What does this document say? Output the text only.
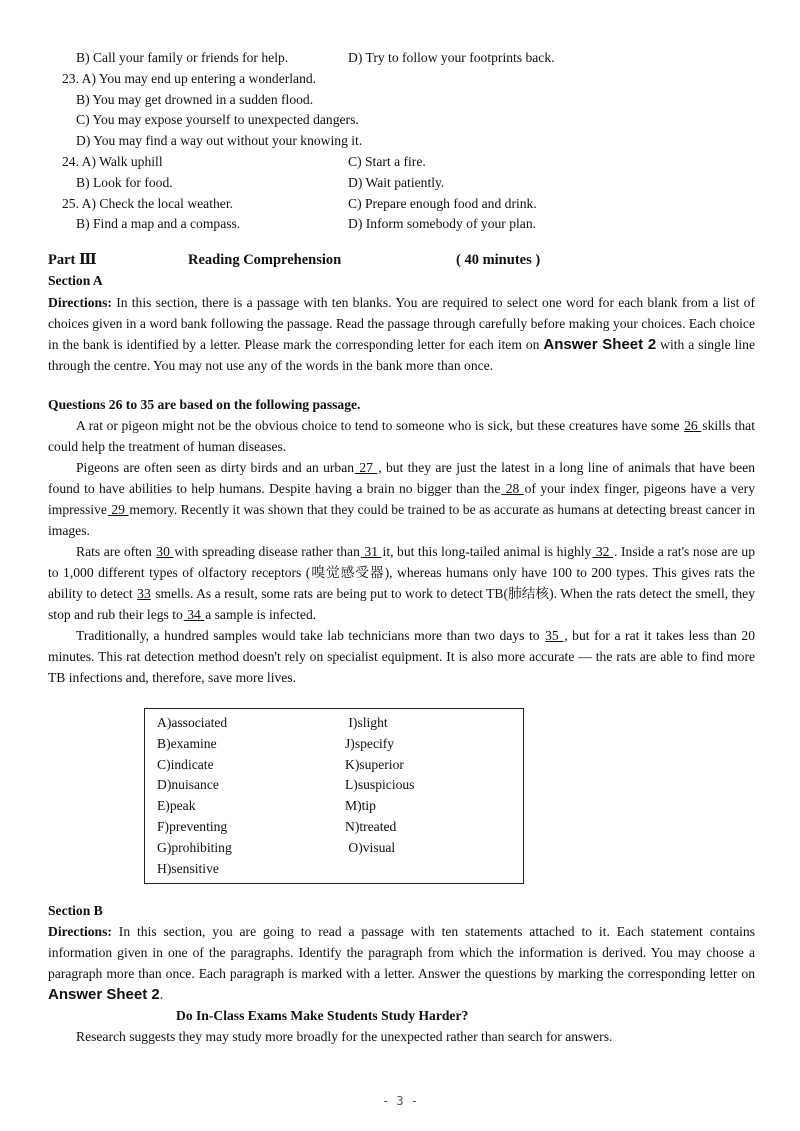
B) Call your family or friends for help.	D) Try to follow your footprints back.
23. A) You may end up entering a wonderland.
B) You may get drowned in a sudden flood.
C) You may expose yourself to unexpected dangers.
D) You may find a way out without your knowing it.
24. A) Walk uphill	C) Start a fire.
B) Look for food.	D) Wait patiently.
25. A) Check the local weather.	C) Prepare enough food and drink.
B) Find a map and a compass.	D) Inform somebody of your plan.
Part Ⅲ	Reading Comprehension	( 40 minutes )
Section A

Directions: In this section, there is a passage with ten blanks. You are required to select one word for each blank from a list of choices given in a word bank following the passage. Read the passage through carefully before making your choices. Each choice in the bank is identified by a letter. Please mark the corresponding letter for each item on Answer Sheet 2 with a single line through the centre. You may not use any of the words in the bank more than once.

Questions 26 to 35 are based on the following passage.

A rat or pigeon might not be the obvious choice to tend to someone who is sick, but these creatures have some 26 skills that could help the treatment of human diseases.

Pigeons are often seen as dirty birds and an urban 27 , but they are just the latest in a long line of animals that have been found to have abilities to help humans. Despite having a brain no bigger than the 28 of your index finger, pigeons have a very impressive 29 memory. Recently it was shown that they could be trained to be as accurate as humans at detecting breast cancer in images.

Rats are often 30 with spreading disease rather than 31 it, but this long-tailed animal is highly 32 . Inside a rat's nose are up to 1,000 different types of olfactory receptors (嗅觉感受器), whereas humans only have 100 to 200 types. This gives rats the ability to detect 33 smells. As a result, some rats are being put to work to detect TB(肺结核). When the rats detect the smell, they stop and rub their legs to 34 a sample is infected.

Traditionally, a hundred samples would take lab technicians more than two days to 35 , but for a rat it takes less than 20 minutes. This rat detection method doesn't rely on specialist equipment. It is also more accurate — the rats are able to find more TB infections and, therefore, save more lives.

A)associated	I)slight
B)examine	J)specify
C)indicate	K)superior
D)nuisance	L)suspicious
E)peak	M)tip
F)preventing	N)treated
G)prohibiting	O)visual
H)sensitive
Section B

Directions: In this section, you are going to read a passage with ten statements attached to it. Each statement contains information given in one of the paragraphs. Identify the paragraph from which the information is derived. You may choose a paragraph more than once. Each paragraph is marked with a letter. Answer the questions by marking the corresponding letter on Answer Sheet 2.

Do In-Class Exams Make Students Study Harder?

Research suggests they may study more broadly for the unexpected rather than search for answers.

- 3 -
